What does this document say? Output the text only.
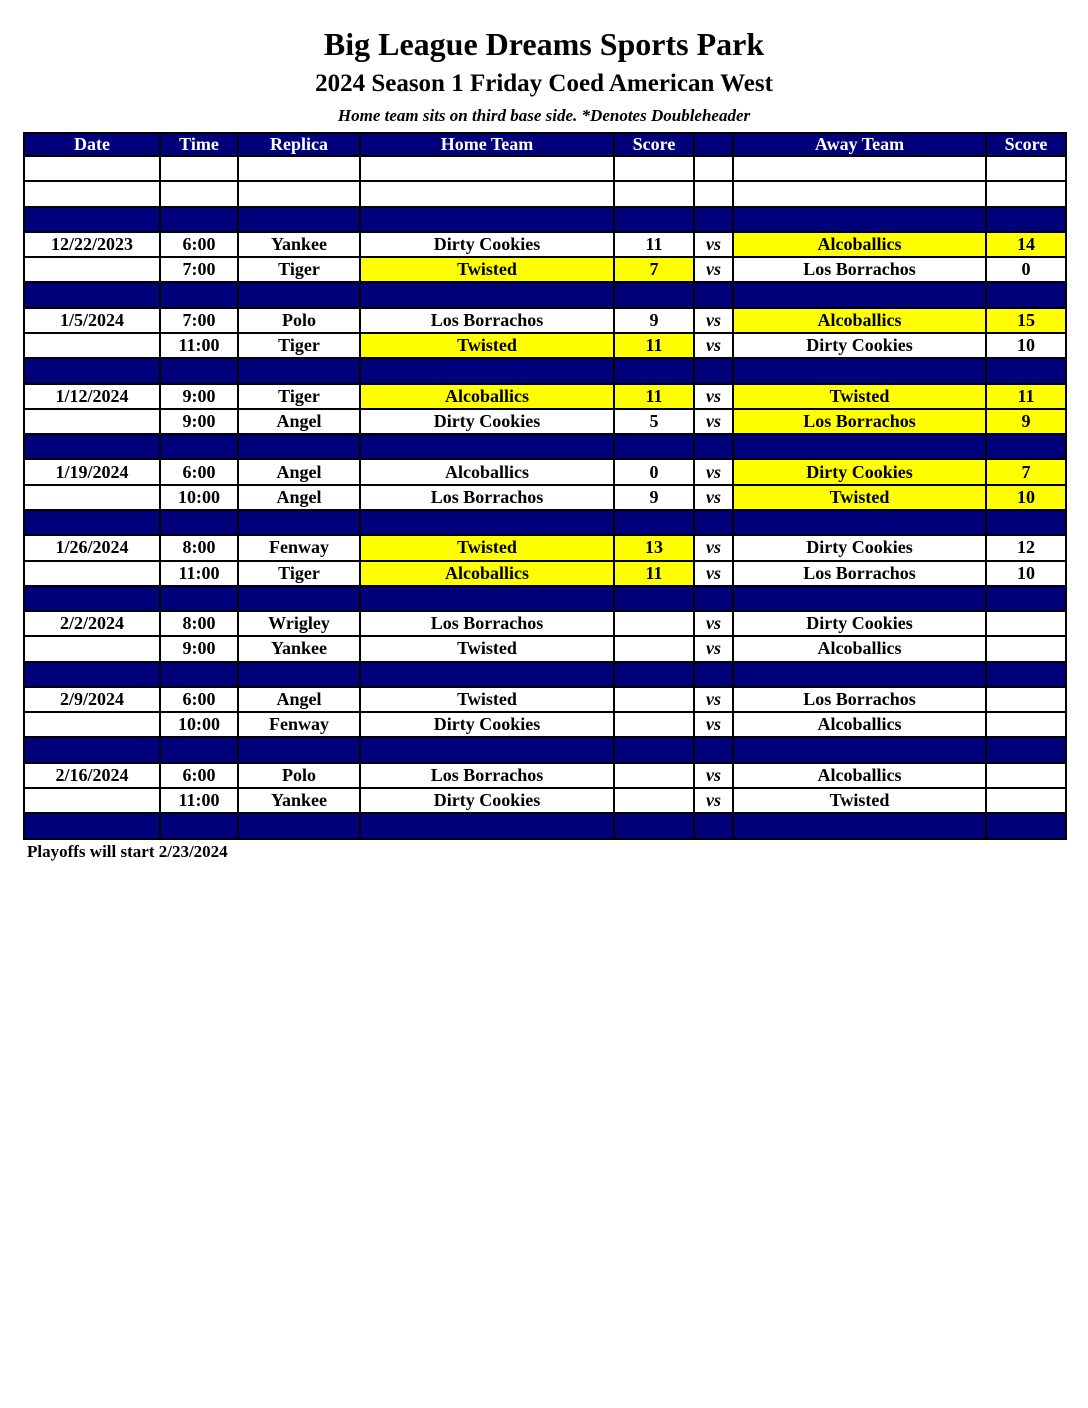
Big League Dreams Sports Park
2024 Season 1 Friday Coed American West

Home team sits on third base side. *Denotes Doubleheader

Date	Time	Replica	Home Team	Score		Away Team	Score

12/22/2023	6:00	Yankee	Dirty Cookies	11	vs	Alcoballics	14
	7:00	Tiger	Twisted	7	vs	Los Borrachos	0

1/5/2024	7:00	Polo	Los Borrachos	9	vs	Alcoballics	15
	11:00	Tiger	Twisted	11	vs	Dirty Cookies	10

1/12/2024	9:00	Tiger	Alcoballics	11	vs	Twisted	11
	9:00	Angel	Dirty Cookies	5	vs	Los Borrachos	9

1/19/2024	6:00	Angel	Alcoballics	0	vs	Dirty Cookies	7
	10:00	Angel	Los Borrachos	9	vs	Twisted	10

1/26/2024	8:00	Fenway	Twisted	13	vs	Dirty Cookies	12
	11:00	Tiger	Alcoballics	11	vs	Los Borrachos	10

2/2/2024	8:00	Wrigley	Los Borrachos		vs	Dirty Cookies	
	9:00	Yankee	Twisted		vs	Alcoballics	

2/9/2024	6:00	Angel	Twisted		vs	Los Borrachos	
	10:00	Fenway	Dirty Cookies		vs	Alcoballics	

2/16/2024	6:00	Polo	Los Borrachos		vs	Alcoballics	
	11:00	Yankee	Dirty Cookies		vs	Twisted	

Playoffs will start 2/23/2024
